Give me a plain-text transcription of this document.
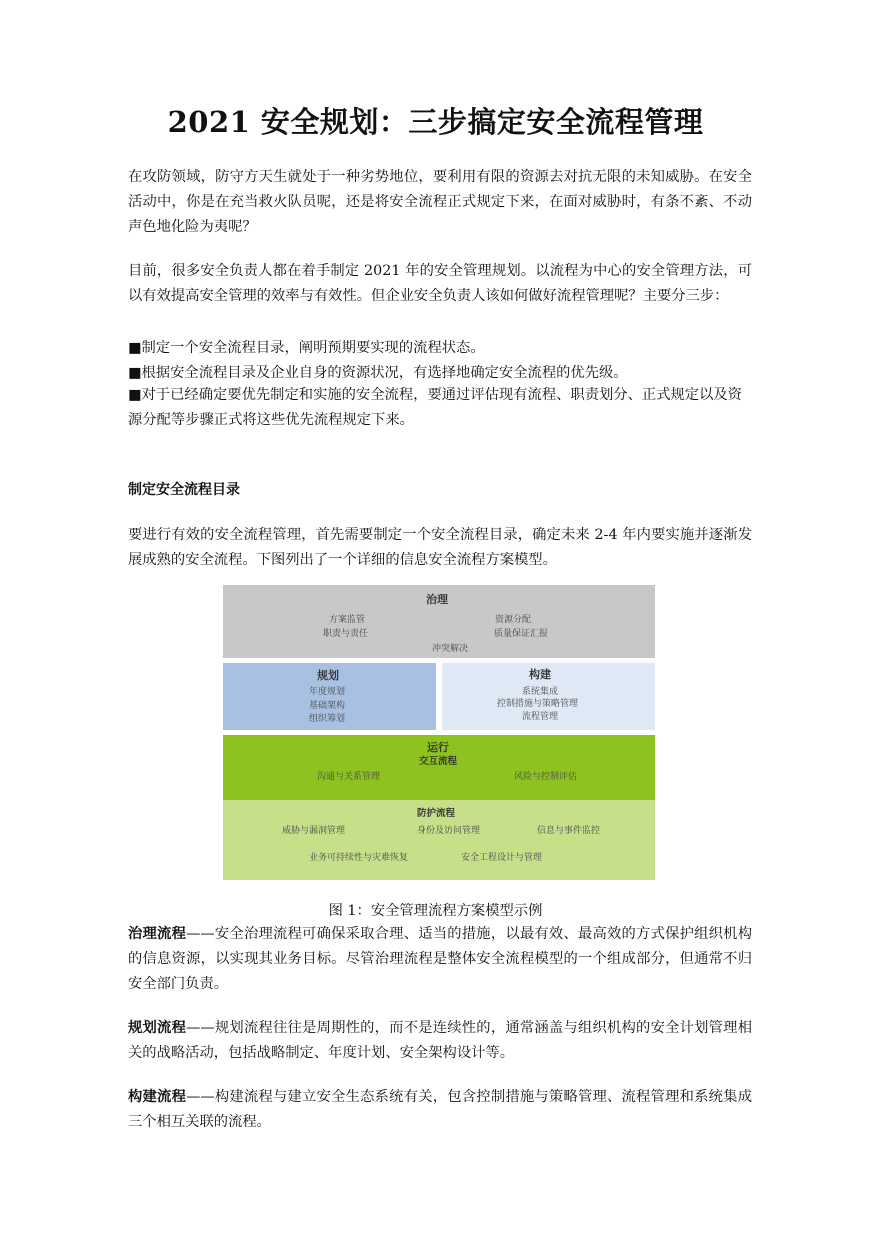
2021 安全规划：三步搞定安全流程管理
在攻防领域，防守方天生就处于一种劣势地位，要利用有限的资源去对抗无限的未知威胁。在安全活动中，你是在充当救火队员呢，还是将安全流程正式规定下来，在面对威胁时，有条不紊、不动声色地化险为夷呢？
目前，很多安全负责人都在着手制定 2021 年的安全管理规划。以流程为中心的安全管理方法，可以有效提高安全管理的效率与有效性。但企业安全负责人该如何做好流程管理呢？主要分三步：
■制定一个安全流程目录，阐明预期要实现的流程状态。
■根据安全流程目录及企业自身的资源状况，有选择地确定安全流程的优先级。
■对于已经确定要优先制定和实施的安全流程，要通过评估现有流程、职责划分、正式规定以及资源分配等步骤正式将这些优先流程规定下来。
制定安全流程目录
要进行有效的安全流程管理，首先需要制定一个安全流程目录，确定未来 2-4 年内要实施并逐渐发展成熟的安全流程。下图列出了一个详细的信息安全流程方案模型。
治理
方案监管	资源分配
职责与责任	质量保证汇报
冲突解决
规划
年度规划
基础架构
组织筹划
构建
系统集成
控制措施与策略管理
流程管理
运行
交互流程
沟通与关系管理	风险与控制评估
防护流程
威胁与漏洞管理	身份及访问管理	信息与事件监控
业务可持续性与灾难恢复	安全工程设计与管理
图 1：安全管理流程方案模型示例
治理流程——安全治理流程可确保采取合理、适当的措施，以最有效、最高效的方式保护组织机构的信息资源，以实现其业务目标。尽管治理流程是整体安全流程模型的一个组成部分，但通常不归安全部门负责。
规划流程——规划流程往往是周期性的，而不是连续性的，通常涵盖与组织机构的安全计划管理相关的战略活动，包括战略制定、年度计划、安全架构设计等。
构建流程——构建流程与建立安全生态系统有关，包含控制措施与策略管理、流程管理和系统集成三个相互关联的流程。
